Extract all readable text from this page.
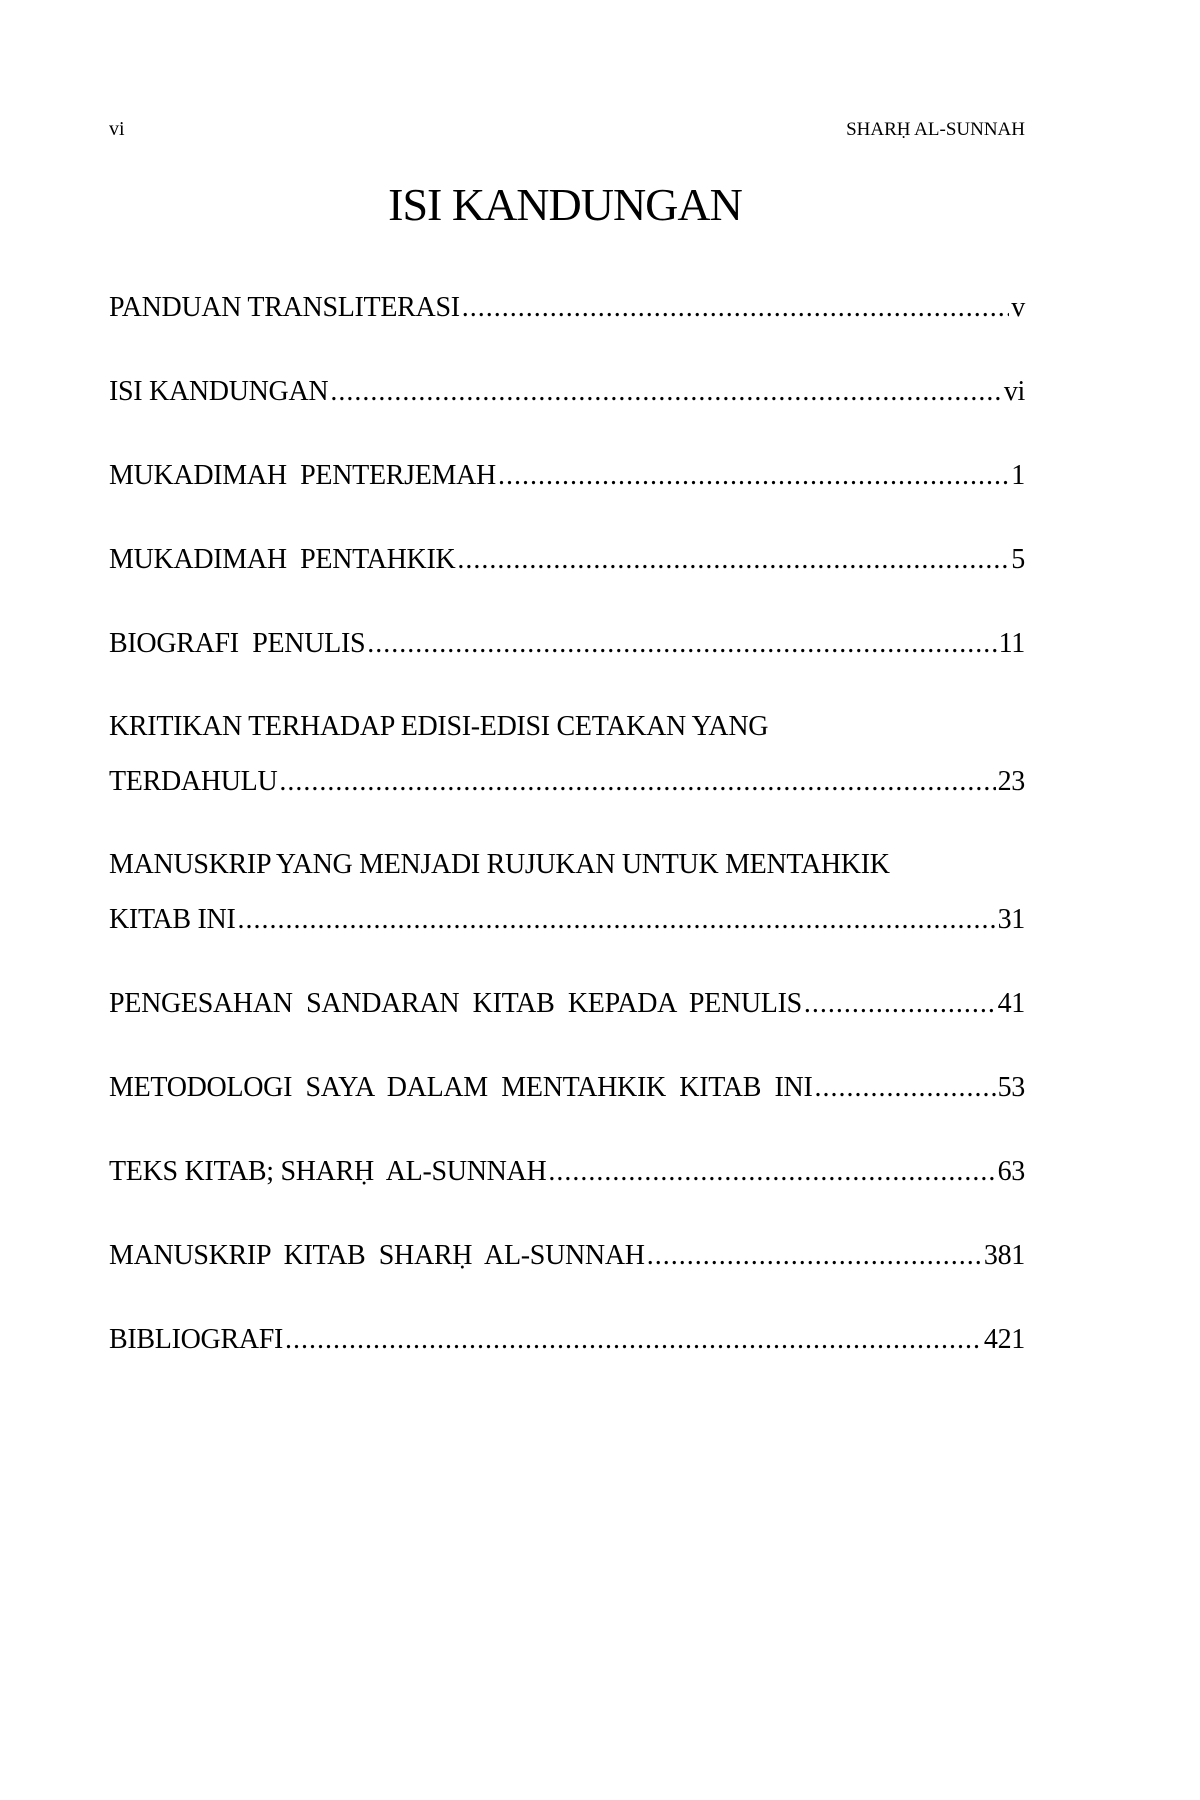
vi	SHARḤ AL-SUNNAH
ISI KANDUNGAN
PANDUAN TRANSLITERASI .....	v
ISI KANDUNGAN .....	vi
MUKADIMAH  PENTERJEMAH .....	1
MUKADIMAH  PENTAHKIK .....	5
BIOGRAFI  PENULIS .....	11
KRITIKAN TERHADAP EDISI-EDISI CETAKAN YANG
TERDAHULU .....	23
MANUSKRIP YANG MENJADI RUJUKAN UNTUK MENTAHKIK
KITAB INI .....	31
PENGESAHAN  SANDARAN  KITAB  KEPADA  PENULIS .....	41
METODOLOGI  SAYA  DALAM  MENTAHKIK  KITAB  INI .....	53
TEKS KITAB; SHARḤ  AL-SUNNAH .....	63
MANUSKRIP  KITAB  SHARḤ  AL-SUNNAH .....	381
BIBLIOGRAFI .....	421
